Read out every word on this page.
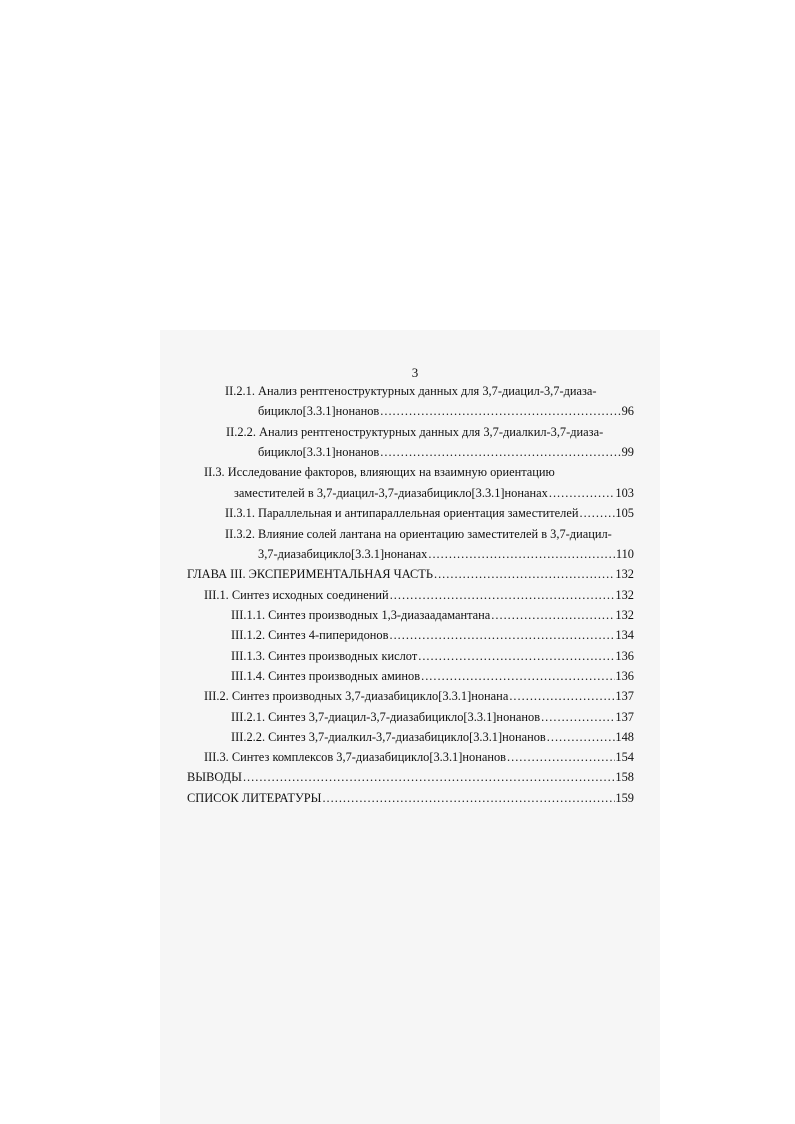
3
II.2.1. Анализ рентгеноструктурных данных для 3,7-диацил-3,7-диаза-
бицикло[3.3.1]нонанов .....	96
II.2.2. Анализ рентгеноструктурных данных для 3,7-диалкил-3,7-диаза-
бицикло[3.3.1]нонанов .....	99
II.3. Исследование факторов, влияющих на взаимную ориентацию
заместителей в 3,7-диацил-3,7-диазабицикло[3.3.1]нонанах .....	103
II.3.1. Параллельная и антипараллельная ориентация заместителей .....	105
II.3.2. Влияние солей лантана на ориентацию заместителей в 3,7-диацил-
3,7-диазабицикло[3.3.1]нонанах .....	110
ГЛАВА III. ЭКСПЕРИМЕНТАЛЬНАЯ ЧАСТЬ .....	132
III.1. Синтез исходных соединений .....	132
III.1.1. Синтез производных 1,3-диазаадамантана .....	132
III.1.2. Синтез 4-пиперидонов .....	134
III.1.3. Синтез производных кислот .....	136
III.1.4. Синтез производных аминов .....	136
III.2. Синтез производных 3,7-диазабицикло[3.3.1]нонана .....	137
III.2.1. Синтез 3,7-диацил-3,7-диазабицикло[3.3.1]нонанов .....	137
III.2.2. Синтез 3,7-диалкил-3,7-диазабицикло[3.3.1]нонанов .....	148
III.3. Синтез комплексов 3,7-диазабицикло[3.3.1]нонанов .....	154
ВЫВОДЫ .....	158
СПИСОК ЛИТЕРАТУРЫ .....	159
